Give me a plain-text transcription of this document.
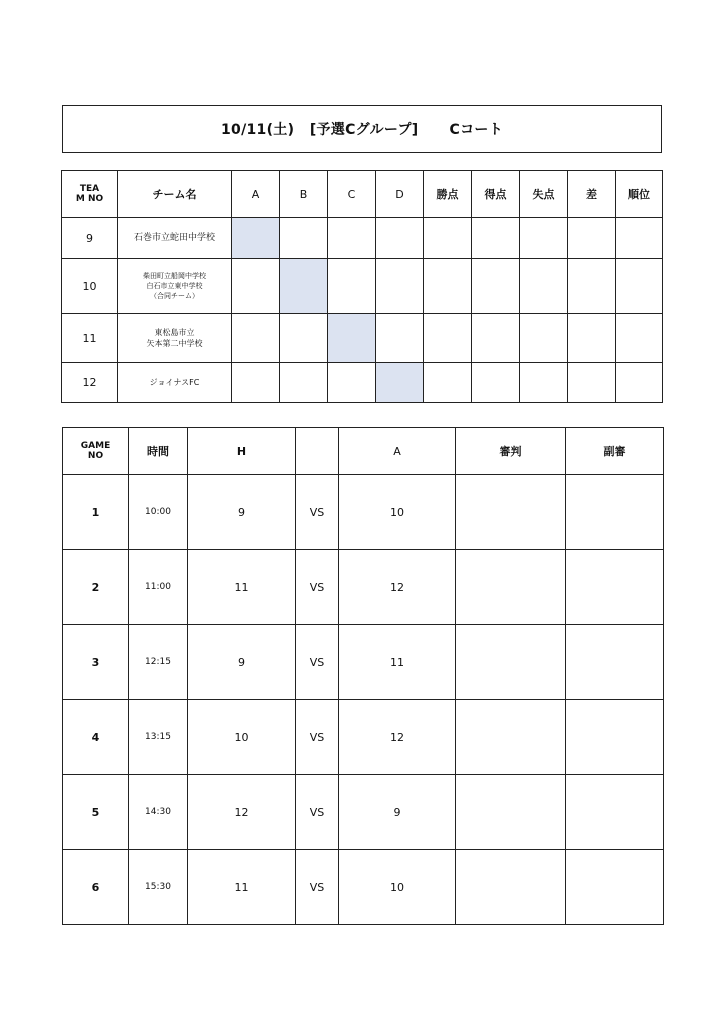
10/11(土)
[予選Cグループ]
Cコート
TEAM NO	チーム名	A	B	C	D	勝点	得点	失点	差	順位
9	石巻市立蛇田中学校									

10	柴田町立船岡中学校
白石市立東中学校
（合同チーム）									

11	東松島市立
矢本第二中学校									

12	ジョイナスFC									

GAME NO	時間	H		A	審判	副審
1	10:00	9	VS	10		
2	11:00	11	VS	12		
3	12:15	9	VS	11		
4	13:15	10	VS	12		
5	14:30	12	VS	9		
6	15:30	11	VS	10		
